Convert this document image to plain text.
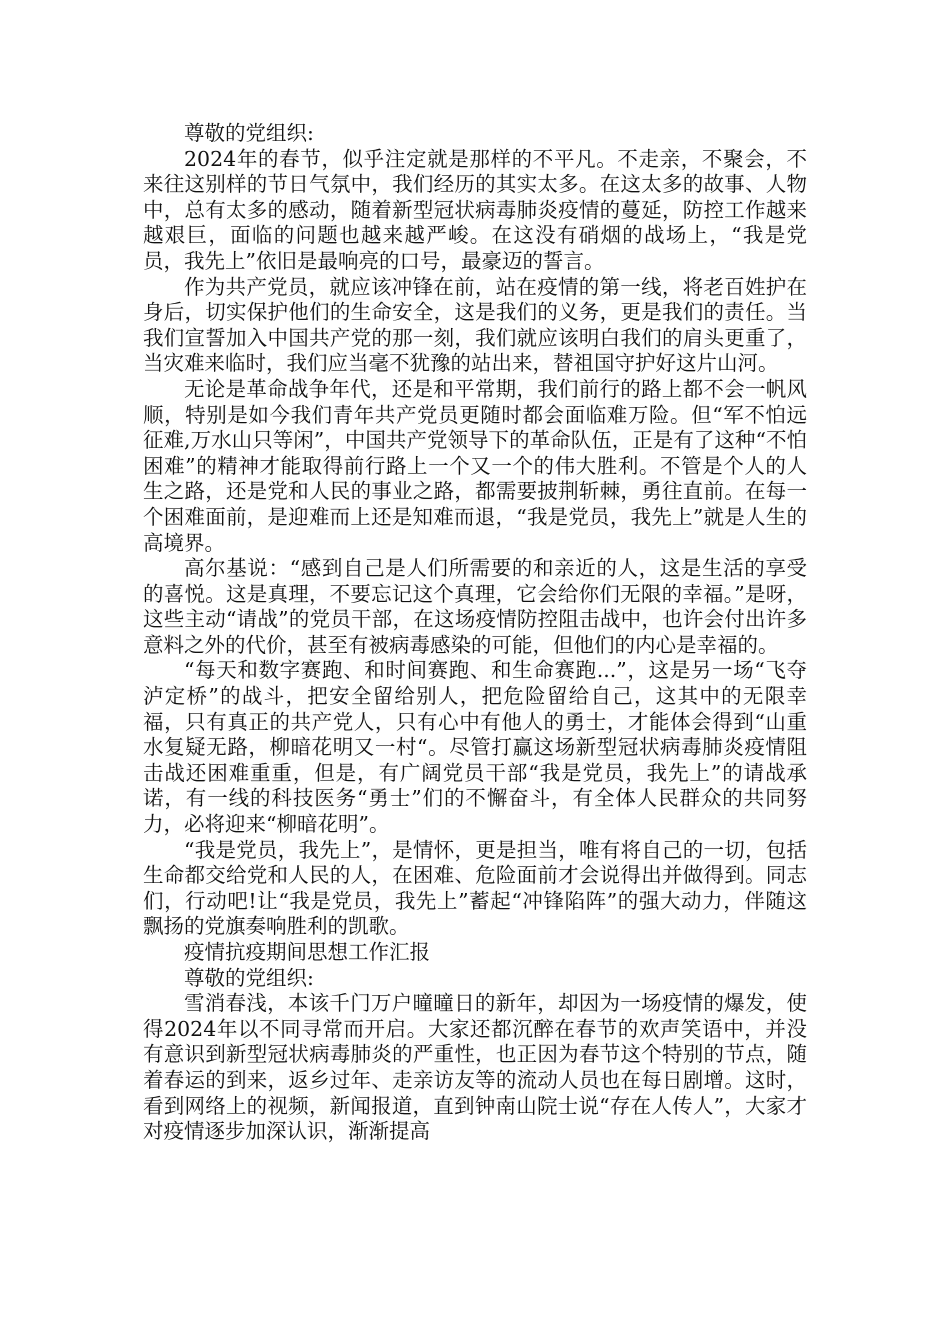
尊敬的党组织:

2024年的春节，似乎注定就是那样的不平凡。不走亲，不聚会，不来往这别样的节日气氛中，我们经历的其实太多。在这太多的故事、人物中，总有太多的感动，随着新型冠状病毒肺炎疫情的蔓延，防控工作越来越艰巨，面临的问题也越来越严峻。在这没有硝烟的战场上，“我是党员，我先上”依旧是最响亮的口号，最豪迈的誓言。

作为共产党员，就应该冲锋在前，站在疫情的第一线，将老百姓护在身后，切实保护他们的生命安全，这是我们的义务，更是我们的责任。当我们宣誓加入中国共产党的那一刻，我们就应该明白我们的肩头更重了，当灾难来临时，我们应当毫不犹豫的站出来，替祖国守护好这片山河。

无论是革命战争年代，还是和平常期，我们前行的路上都不会一帆风顺，特别是如今我们青年共产党员更随时都会面临难万险。但“军不怕远征难,万水山只等闲”，中国共产党领导下的革命队伍，正是有了这种“不怕困难”的精神才能取得前行路上一个又一个的伟大胜利。不管是个人的人生之路，还是党和人民的事业之路，都需要披荆斩棘，勇往直前。在每一个困难面前，是迎难而上还是知难而退，“我是党员，我先上”就是人生的高境界。

高尔基说：“感到自己是人们所需要的和亲近的人，这是生活的享受的喜悦。这是真理，不要忘记这个真理，它会给你们无限的幸福。”是呀，这些主动“请战”的党员干部，在这场疫情防控阻击战中，也许会付出许多意料之外的代价，甚至有被病毒感染的可能，但他们的内心是幸福的。

“每天和数字赛跑、和时间赛跑、和生命赛跑...”，这是另一场“飞夺泸定桥”的战斗，把安全留给别人，把危险留给自己，这其中的无限幸福，只有真正的共产党人，只有心中有他人的勇士，才能体会得到“山重水复疑无路，柳暗花明又一村“。尽管打赢这场新型冠状病毒肺炎疫情阻击战还困难重重，但是，有广阔党员干部“我是党员，我先上”的请战承诺，有一线的科技医务“勇士”们的不懈奋斗，有全体人民群众的共同努力，必将迎来“柳暗花明”。

“我是党员，我先上”，是情怀，更是担当，唯有将自己的一切，包括生命都交给党和人民的人，在困难、危险面前才会说得出并做得到。同志们，行动吧!让“我是党员，我先上”蓄起“冲锋陷阵”的强大动力，伴随这飘扬的党旗奏响胜利的凯歌。

疫情抗疫期间思想工作汇报

尊敬的党组织:

雪消春浅，本该千门万户曈曈日的新年，却因为一场疫情的爆发，使得2024年以不同寻常而开启。大家还都沉醉在春节的欢声笑语中，并没有意识到新型冠状病毒肺炎的严重性，也正因为春节这个特别的节点，随着春运的到来，返乡过年、走亲访友等的流动人员也在每日剧增。这时，看到网络上的视频，新闻报道，直到钟南山院士说“存在人传人”，大家才对疫情逐步加深认识，渐渐提高
